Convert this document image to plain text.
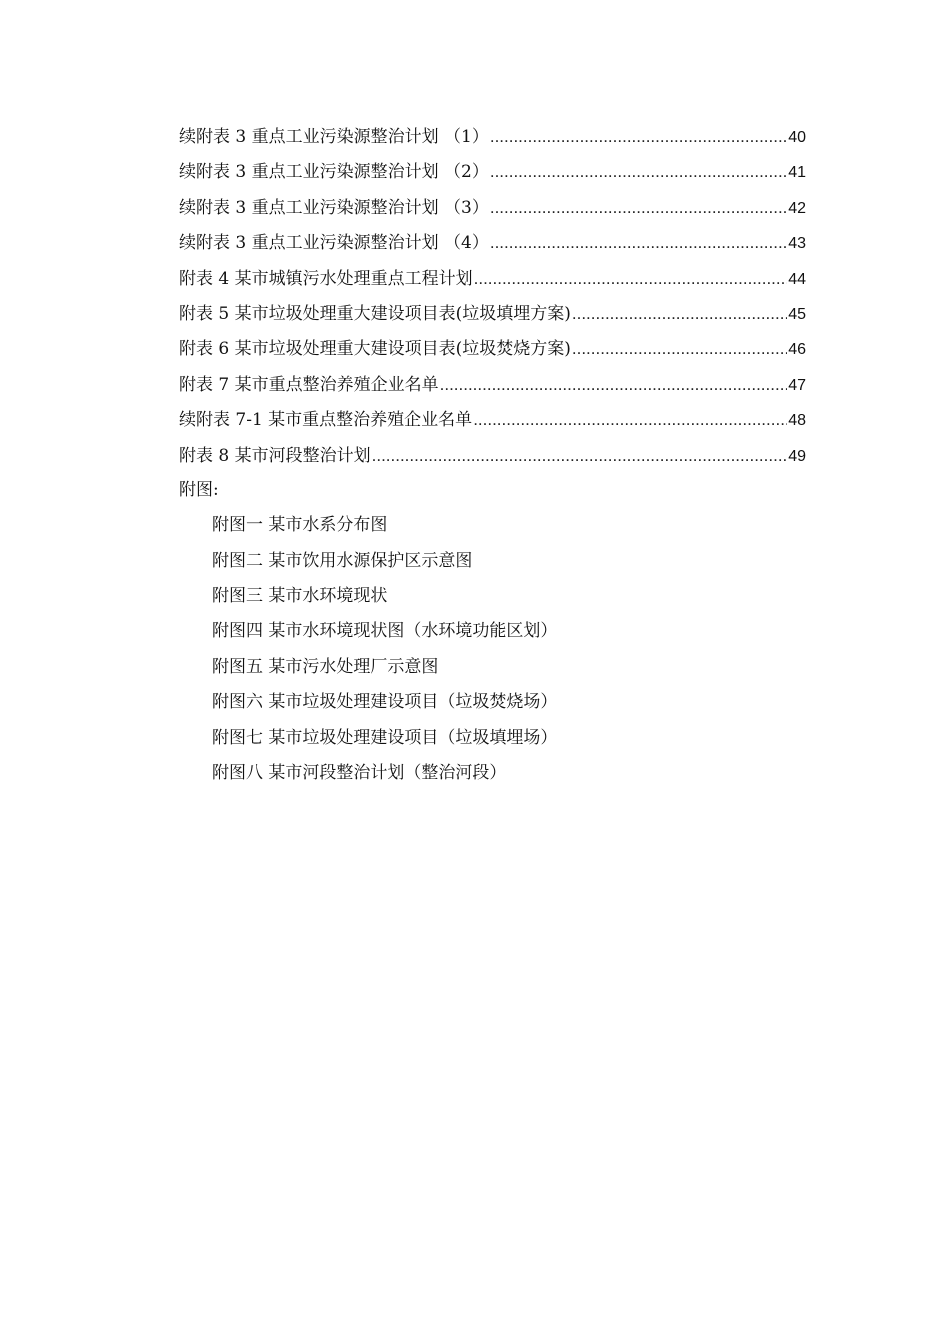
续附表 3 重点工业污染源整治计划 （1） .....	40
续附表 3 重点工业污染源整治计划 （2） .....	41
续附表 3 重点工业污染源整治计划 （3） .....	42
续附表 3 重点工业污染源整治计划 （4） .....	43
附表 4 某市城镇污水处理重点工程计划 .....	44
附表 5 某市垃圾处理重大建设项目表(垃圾填埋方案) .....	45
附表 6 某市垃圾处理重大建设项目表(垃圾焚烧方案) .....	46
附表 7 某市重点整治养殖企业名单 .....	47
续附表 7-1 某市重点整治养殖企业名单 .....	48
附表 8 某市河段整治计划 .....	49
附图:
附图一 某市水系分布图
附图二 某市饮用水源保护区示意图
附图三 某市水环境现状
附图四 某市水环境现状图（水环境功能区划）
附图五 某市污水处理厂示意图
附图六 某市垃圾处理建设项目（垃圾焚烧场）
附图七 某市垃圾处理建设项目（垃圾填埋场）
附图八 某市河段整治计划（整治河段）
